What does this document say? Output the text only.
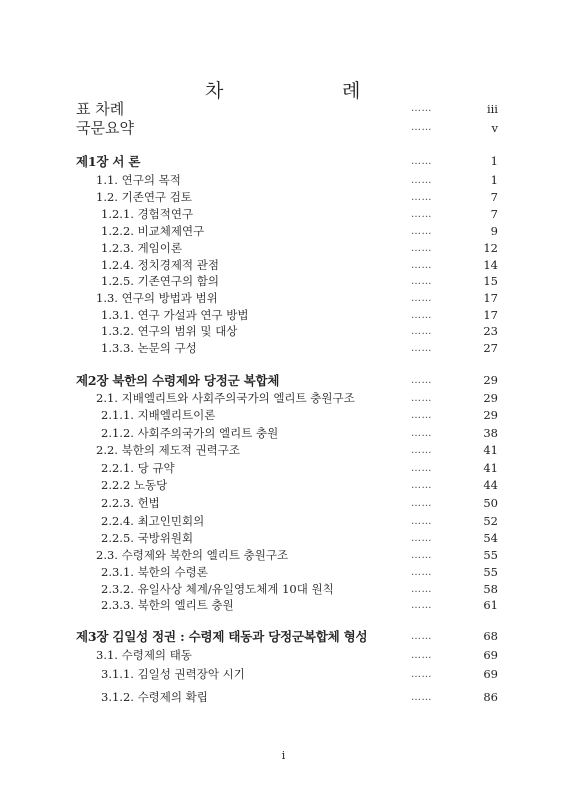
차	례
표 차례	……	iii
국문요약	……	v
제1장 서 론	……	1
1.1. 연구의 목적	……	1
1.2. 기존연구 검토	……	7
1.2.1. 경험적연구	……	7
1.2.2. 비교체제연구	……	9
1.2.3. 게임이론	……	12
1.2.4. 정치경제적 관점	……	14
1.2.5. 기존연구의 함의	……	15
1.3. 연구의 방법과 범위	……	17
1.3.1. 연구 가설과 연구 방법	……	17
1.3.2. 연구의 범위 및 대상	……	23
1.3.3. 논문의 구성	……	27
제2장 북한의 수령제와 당정군 복합체	……	29
2.1. 지배엘리트와 사회주의국가의 엘리트 충원구조	……	29
2.1.1. 지배엘리트이론	……	29
2.1.2. 사회주의국가의 엘리트 충원	……	38
2.2. 북한의 제도적 권력구조	……	41
2.2.1. 당 규약	……	41
2.2.2 노동당	……	44
2.2.3. 헌법	……	50
2.2.4. 최고인민회의	……	52
2.2.5. 국방위원회	……	54
2.3. 수령제와 북한의 엘리트 충원구조	……	55
2.3.1. 북한의 수령론	……	55
2.3.2. 유일사상 체계/유일영도체계 10대 원칙	……	58
2.3.3. 북한의 엘리트 충원	……	61
제3장 김일성 정권 : 수령제 태동과 당정군복합체 형성	……	68
3.1. 수령제의 태동	……	69
3.1.1. 김일성 권력장악 시기	……	69
3.1.2. 수령제의 확립	……	86
i
